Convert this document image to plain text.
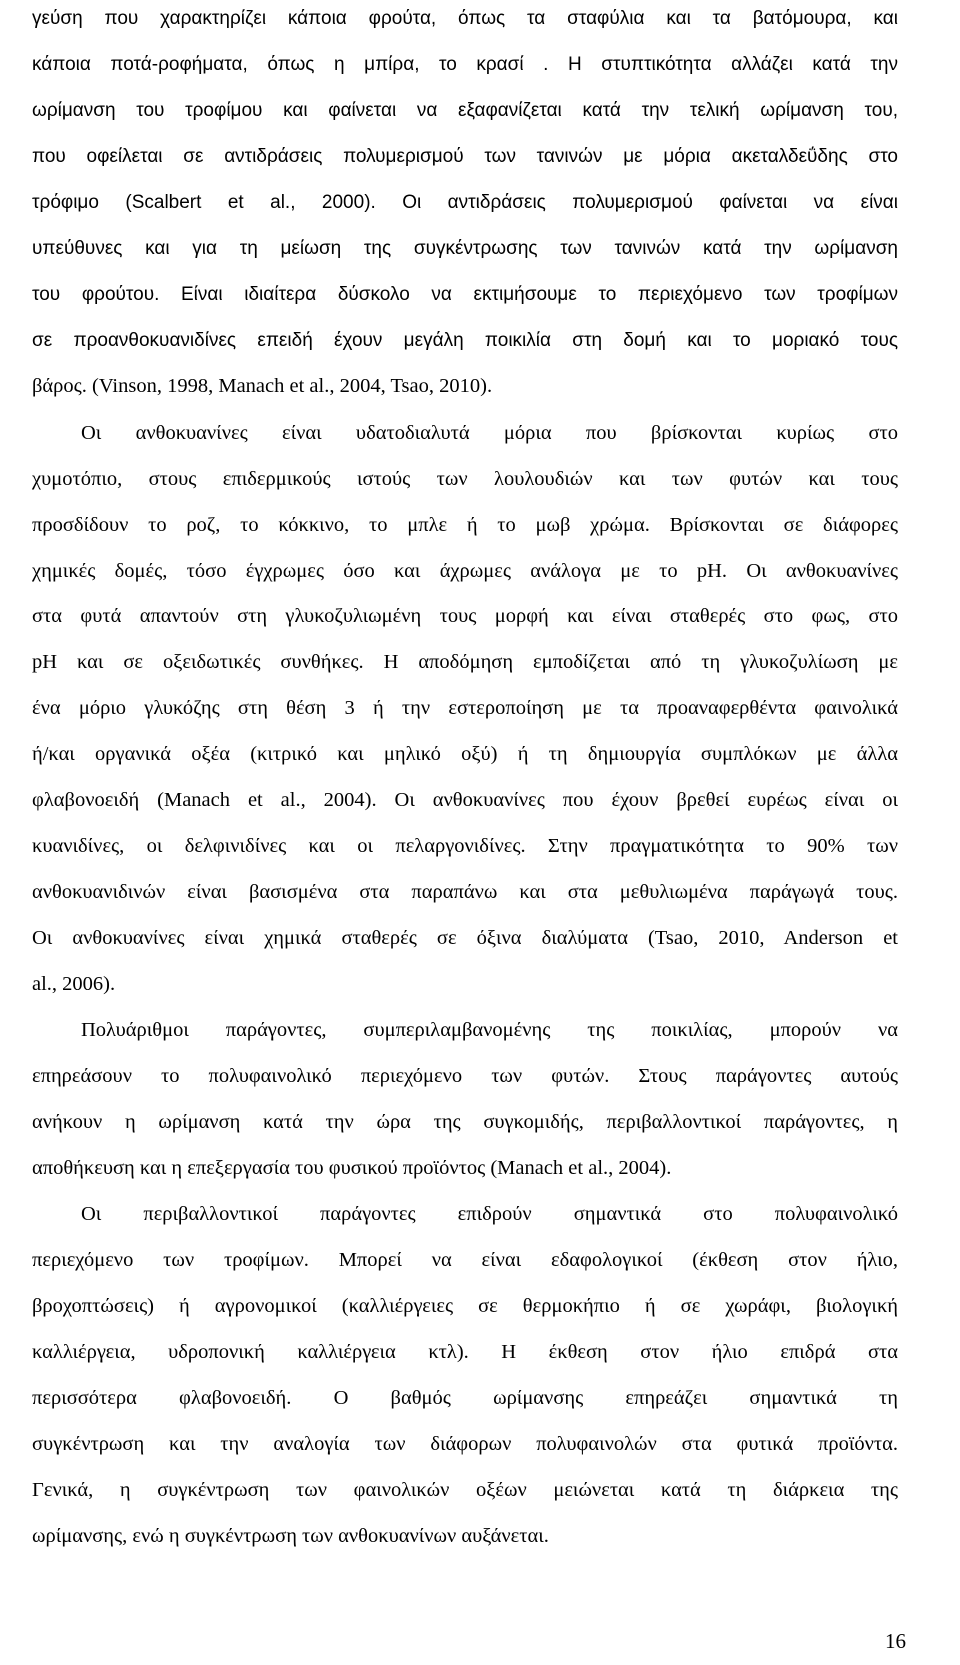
γεύση που χαρακτηρίζει κάποια φρούτα, όπως τα σταφύλια και τα βατόμουρα, και
κάποια ποτά-ροφήματα, όπως η μπίρα, το κρασί . Η στυπτικότητα αλλάζει κατά την
ωρίμανση του τροφίμου και φαίνεται να εξαφανίζεται κατά την τελική ωρίμανση του,
που οφείλεται σε αντιδράσεις πολυμερισμού των τανινών με μόρια ακεταλδεΰδης στο
τρόφιμο (Scalbert et al., 2000). Οι αντιδράσεις πολυμερισμού φαίνεται να είναι
υπεύθυνες και για τη μείωση της συγκέντρωσης των τανινών κατά την ωρίμανση
του φρούτου. Είναι ιδιαίτερα δύσκολο να εκτιμήσουμε το περιεχόμενο των τροφίμων
σε προανθοκυανιδίνες επειδή έχουν μεγάλη ποικιλία στη δομή και το μοριακό τους
βάρος. (Vinson, 1998, Manach et al., 2004, Tsao, 2010).
Οι ανθοκυανίνες είναι υδατοδιαλυτά μόρια που βρίσκονται κυρίως στο
χυμοτόπιο, στους επιδερμικούς ιστούς των λουλουδιών και των φυτών και τους
προσδίδουν το ροζ, το κόκκινο, το μπλε ή το μωβ χρώμα. Βρίσκονται σε διάφορες
χημικές δομές, τόσο έγχρωμες όσο και άχρωμες ανάλογα με το pH. Οι ανθοκυανίνες
στα φυτά απαντούν στη γλυκοζυλιωμένη τους μορφή και είναι σταθερές στο φως, στο
pH και σε οξειδωτικές συνθήκες. Η αποδόμηση εμποδίζεται από τη γλυκοζυλίωση με
ένα μόριο γλυκόζης στη θέση 3 ή την εστεροποίηση με τα προαναφερθέντα φαινολικά
ή/και οργανικά οξέα (κιτρικό και μηλικό οξύ) ή τη δημιουργία συμπλόκων με άλλα
φλαβονοειδή (Manach et al., 2004). Οι ανθοκυανίνες που έχουν βρεθεί ευρέως είναι οι
κυανιδίνες, οι δελφινιδίνες και οι πελαργονιδίνες. Στην πραγματικότητα το 90% των
ανθοκυανιδινών είναι βασισμένα στα παραπάνω και στα μεθυλιωμένα παράγωγά τους.
Οι ανθοκυανίνες είναι χημικά σταθερές σε όξινα διαλύματα (Tsao, 2010, Anderson et
al., 2006).
Πολυάριθμοι παράγοντες, συμπεριλαμβανομένης της ποικιλίας, μπορούν να
επηρεάσουν το πολυφαινολικό περιεχόμενο των φυτών. Στους παράγοντες αυτούς
ανήκουν η ωρίμανση κατά την ώρα της συγκομιδής, περιβαλλοντικοί παράγοντες, η
αποθήκευση και η επεξεργασία του φυσικού προϊόντος (Manach et al., 2004).
Οι περιβαλλοντικοί παράγοντες επιδρούν σημαντικά στο πολυφαινολικό
περιεχόμενο των τροφίμων. Μπορεί να είναι εδαφολογικοί (έκθεση στον ήλιο,
βροχοπτώσεις) ή αγρονομικοί (καλλιέργειες σε θερμοκήπιο ή σε χωράφι, βιολογική
καλλιέργεια, υδροπονική καλλιέργεια κτλ). Η έκθεση στον ήλιο επιδρά στα
περισσότερα φλαβονοειδή. Ο βαθμός ωρίμανσης επηρεάζει σημαντικά τη
συγκέντρωση και την αναλογία των διάφορων πολυφαινολών στα φυτικά προϊόντα.
Γενικά, η συγκέντρωση των φαινολικών οξέων μειώνεται κατά τη διάρκεια της
ωρίμανσης, ενώ η συγκέντρωση των ανθοκυανίνων αυξάνεται.
16
